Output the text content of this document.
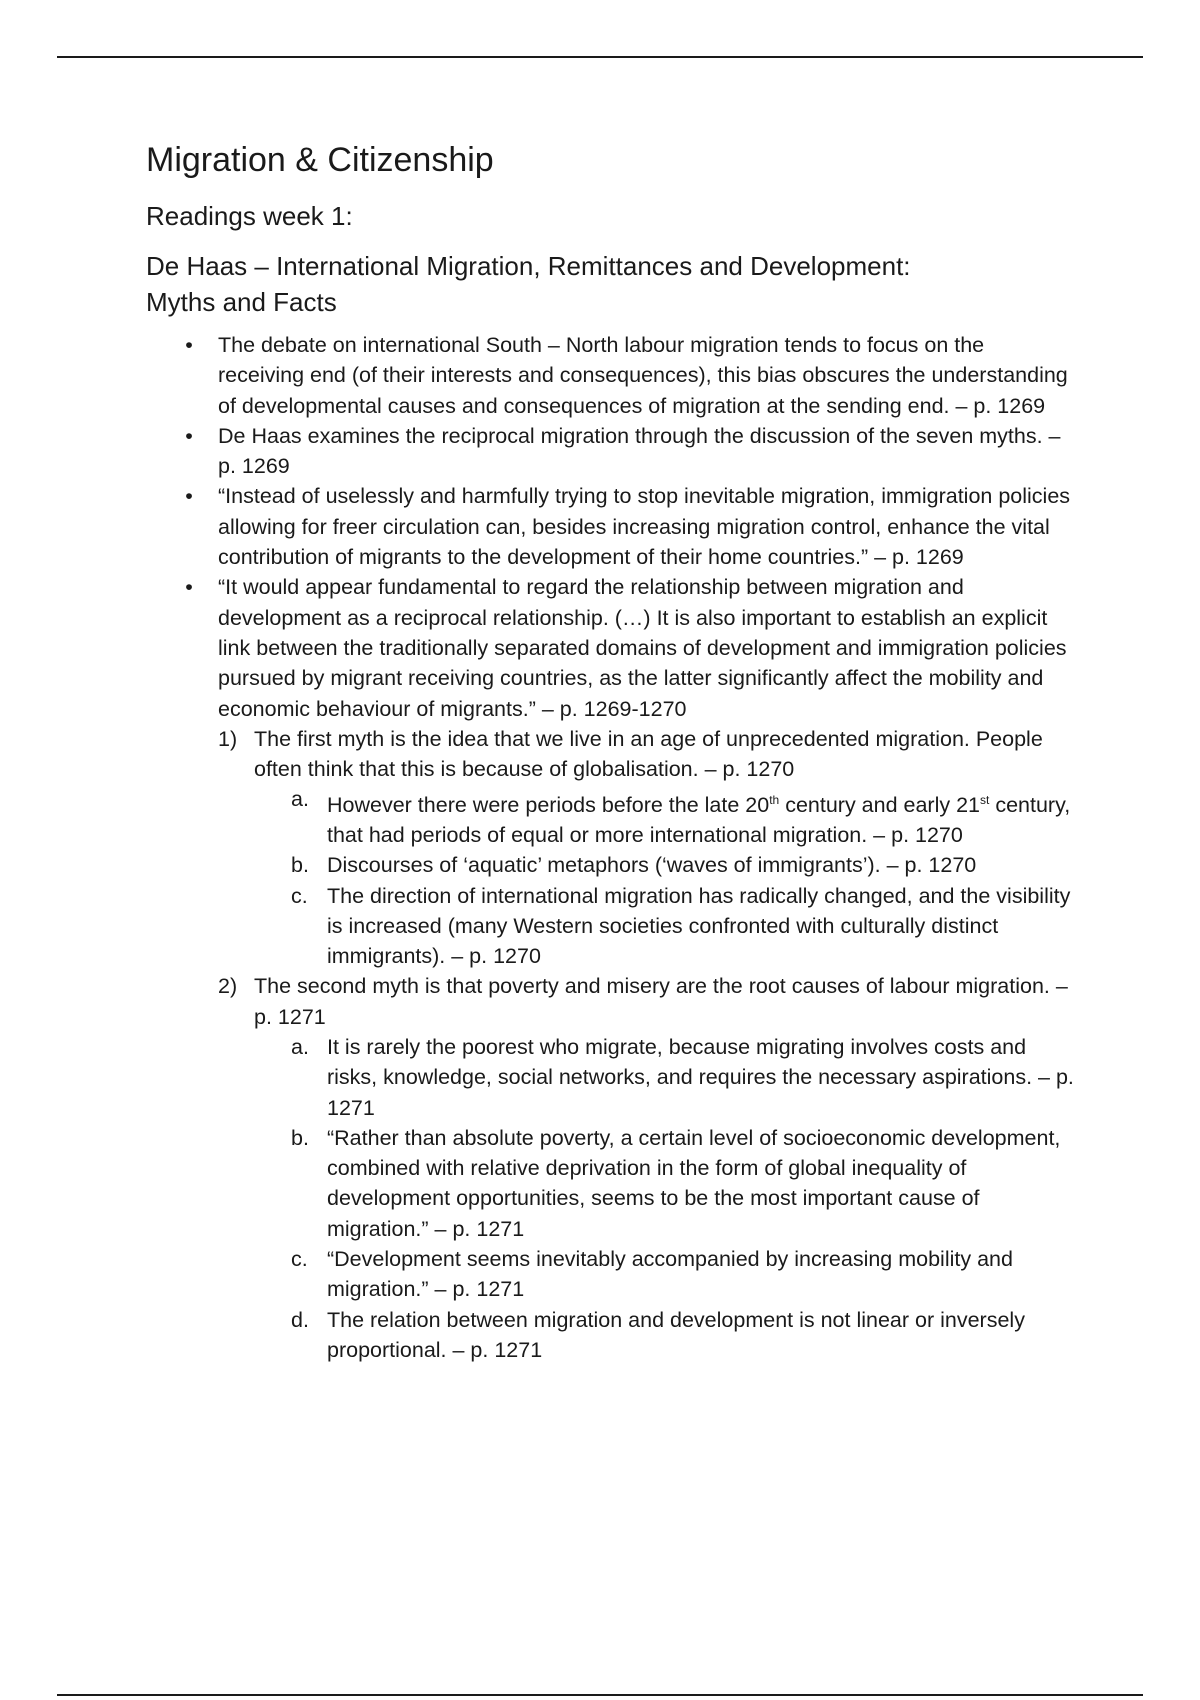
Migration & Citizenship
Readings week 1:
De Haas – International Migration, Remittances and Development:
Myths and Facts
• The debate on international South – North labour migration tends to focus on the receiving end (of their interests and consequences), this bias obscures the understanding of developmental causes and consequences of migration at the sending end. – p. 1269
• De Haas examines the reciprocal migration through the discussion of the seven myths. – p. 1269
• “Instead of uselessly and harmfully trying to stop inevitable migration, immigration policies allowing for freer circulation can, besides increasing migration control, enhance the vital contribution of migrants to the development of their home countries.” – p. 1269
• “It would appear fundamental to regard the relationship between migration and development as a reciprocal relationship. (…) It is also important to establish an explicit link between the traditionally separated domains of development and immigration policies pursued by migrant receiving countries, as the latter significantly affect the mobility and economic behaviour of migrants.” – p. 1269-1270
1) The first myth is the idea that we live in an age of unprecedented migration. People often think that this is because of globalisation. – p. 1270
a. However there were periods before the late 20th century and early 21st century, that had periods of equal or more international migration. – p. 1270
b. Discourses of ‘aquatic’ metaphors (‘waves of immigrants’). – p. 1270
c. The direction of international migration has radically changed, and the visibility is increased (many Western societies confronted with culturally distinct immigrants). – p. 1270
2) The second myth is that poverty and misery are the root causes of labour migration. – p. 1271
a. It is rarely the poorest who migrate, because migrating involves costs and risks, knowledge, social networks, and requires the necessary aspirations. – p. 1271
b. “Rather than absolute poverty, a certain level of socioeconomic development, combined with relative deprivation in the form of global inequality of development opportunities, seems to be the most important cause of migration.” – p. 1271
c. “Development seems inevitably accompanied by increasing mobility and migration.” – p. 1271
d. The relation between migration and development is not linear or inversely proportional. – p. 1271
